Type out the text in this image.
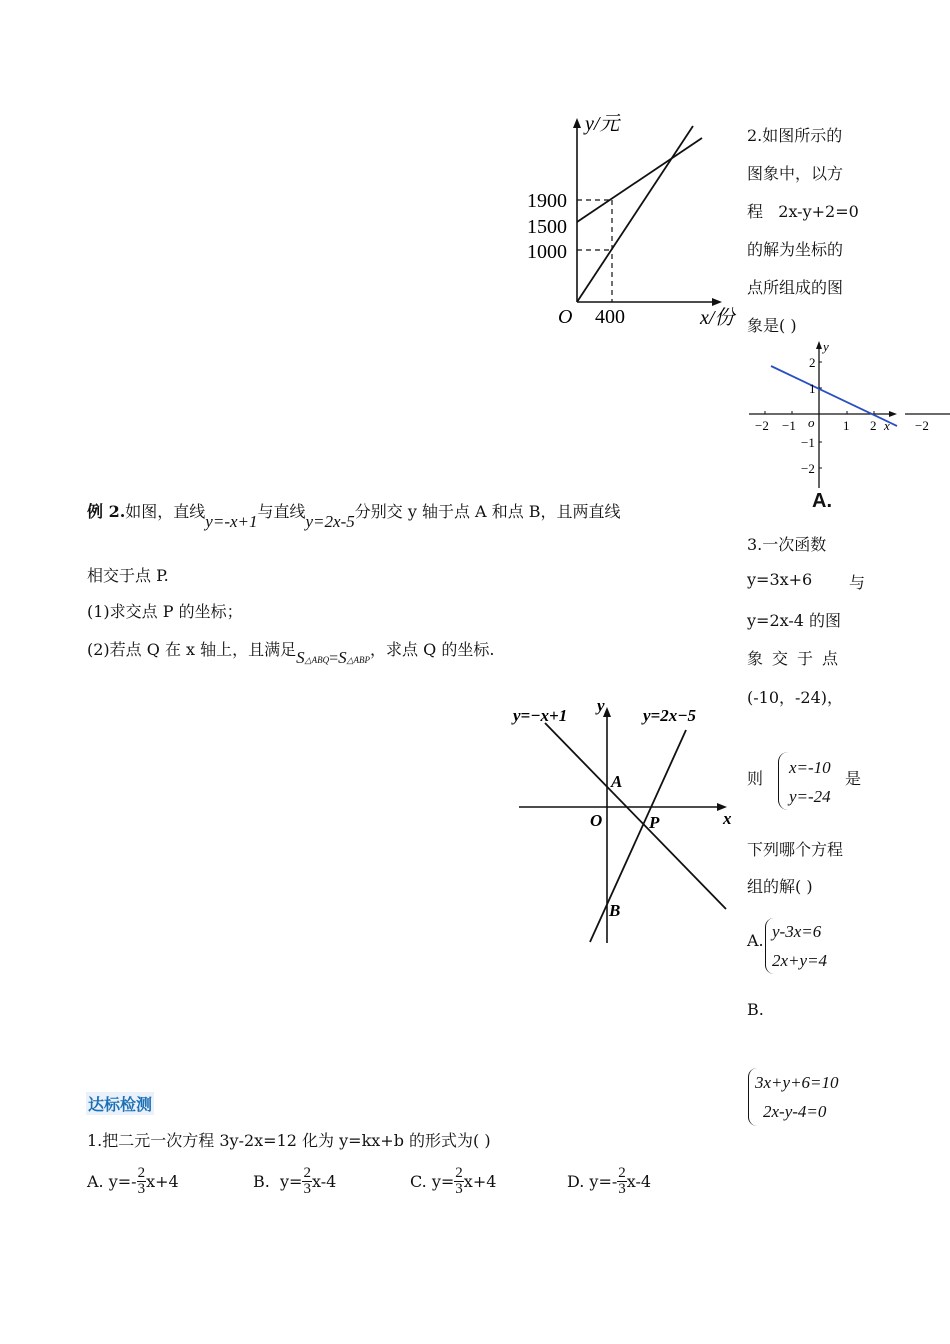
y/元
x/份
O
1900
1500
1000
400
2.如图所示的
图象中，以方
程   2x-y+2=0
的解为坐标的
点所组成的图
象是( )
y
x
o
−2 −1	1 2
2
1
−1
−2
−2
A.
例 2.如图，直线y=-x+1与直线y=2x-5分别交 y 轴于点 A 和点 B，且两直线
相交于点 P.
(1)求交点 P 的坐标；
(2)若点 Q 在 x 轴上，且满足S△ABQ=S△ABP，求点 Q 的坐标.
y=−x+1	y=2x−5
y
x
O
A
B
P
3.一次函数
y=3x+6 与
y=2x-4 的图
象交于点
(-10，-24)，
则
x=-10
y=-24
是
下列哪个方程
组的解( )
A. y-3x=6
2x+y=4
B.
3x+y+6=10
2x-y-4=0
达标检测
1.把二元一次方程 3y-2x=12 化为 y=kx+b 的形式为( )
A. $y=- \frac{2}{3} x+4$	B.  $y= \frac{2}{3} x-4$	C. $y= \frac{2}{3} x+4$	D. $y=- \frac{2}{3} x-4$
